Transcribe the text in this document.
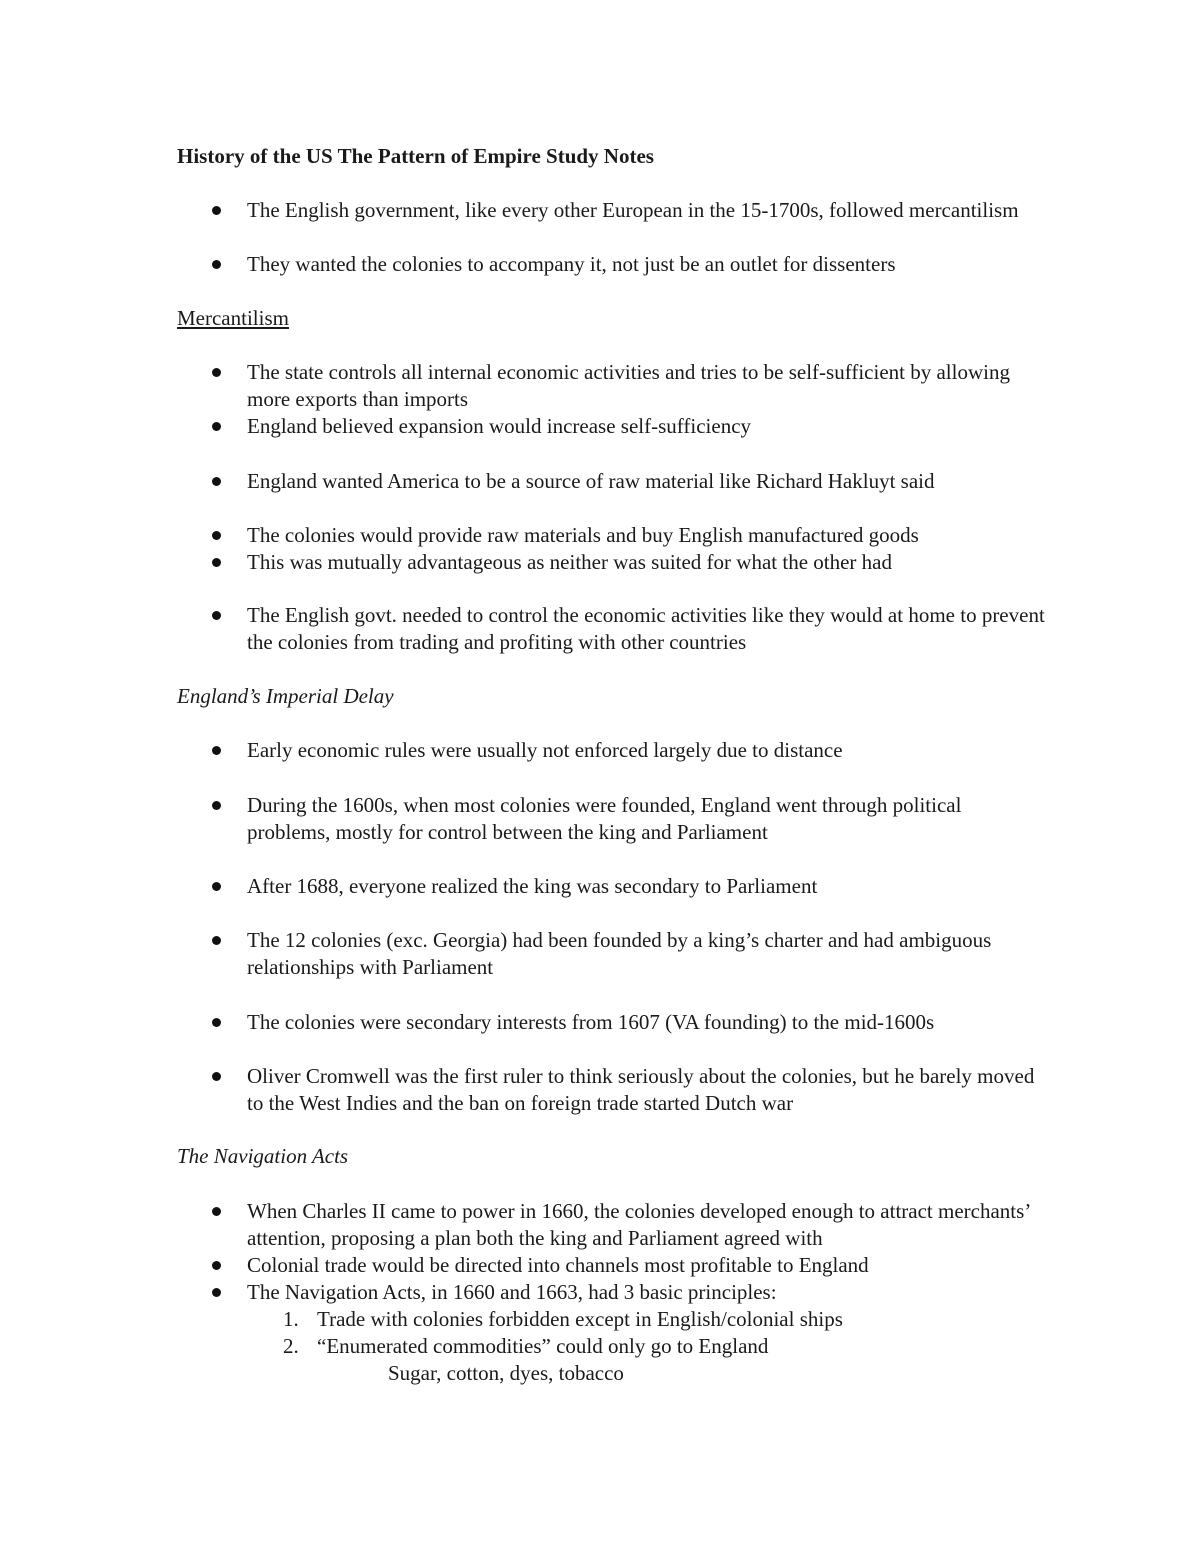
History of the US The Pattern of Empire Study Notes

The English government, like every other European in the 15-1700s, followed mercantilism

They wanted the colonies to accompany it, not just be an outlet for dissenters

Mercantilism

The state controls all internal economic activities and tries to be self-sufficient by allowing more exports than imports

England believed expansion would increase self-sufficiency

England wanted America to be a source of raw material like Richard Hakluyt said

The colonies would provide raw materials and buy English manufactured goods

This was mutually advantageous as neither was suited for what the other had

The English govt. needed to control the economic activities like they would at home to prevent the colonies from trading and profiting with other countries

England’s Imperial Delay

Early economic rules were usually not enforced largely due to distance

During the 1600s, when most colonies were founded, England went through political problems, mostly for control between the king and Parliament

After 1688, everyone realized the king was secondary to Parliament

The 12 colonies (exc. Georgia) had been founded by a king’s charter and had ambiguous relationships with Parliament

The colonies were secondary interests from 1607 (VA founding) to the mid-1600s

Oliver Cromwell was the first ruler to think seriously about the colonies, but he barely moved to the West Indies and the ban on foreign trade started Dutch war

The Navigation Acts

When Charles II came to power in 1660, the colonies developed enough to attract merchants’ attention, proposing a plan both the king and Parliament agreed with

Colonial trade would be directed into channels most profitable to England

The Navigation Acts, in 1660 and 1663, had 3 basic principles:

1. Trade with colonies forbidden except in English/colonial ships
2. “Enumerated commodities” could only go to England
Sugar, cotton, dyes, tobacco
